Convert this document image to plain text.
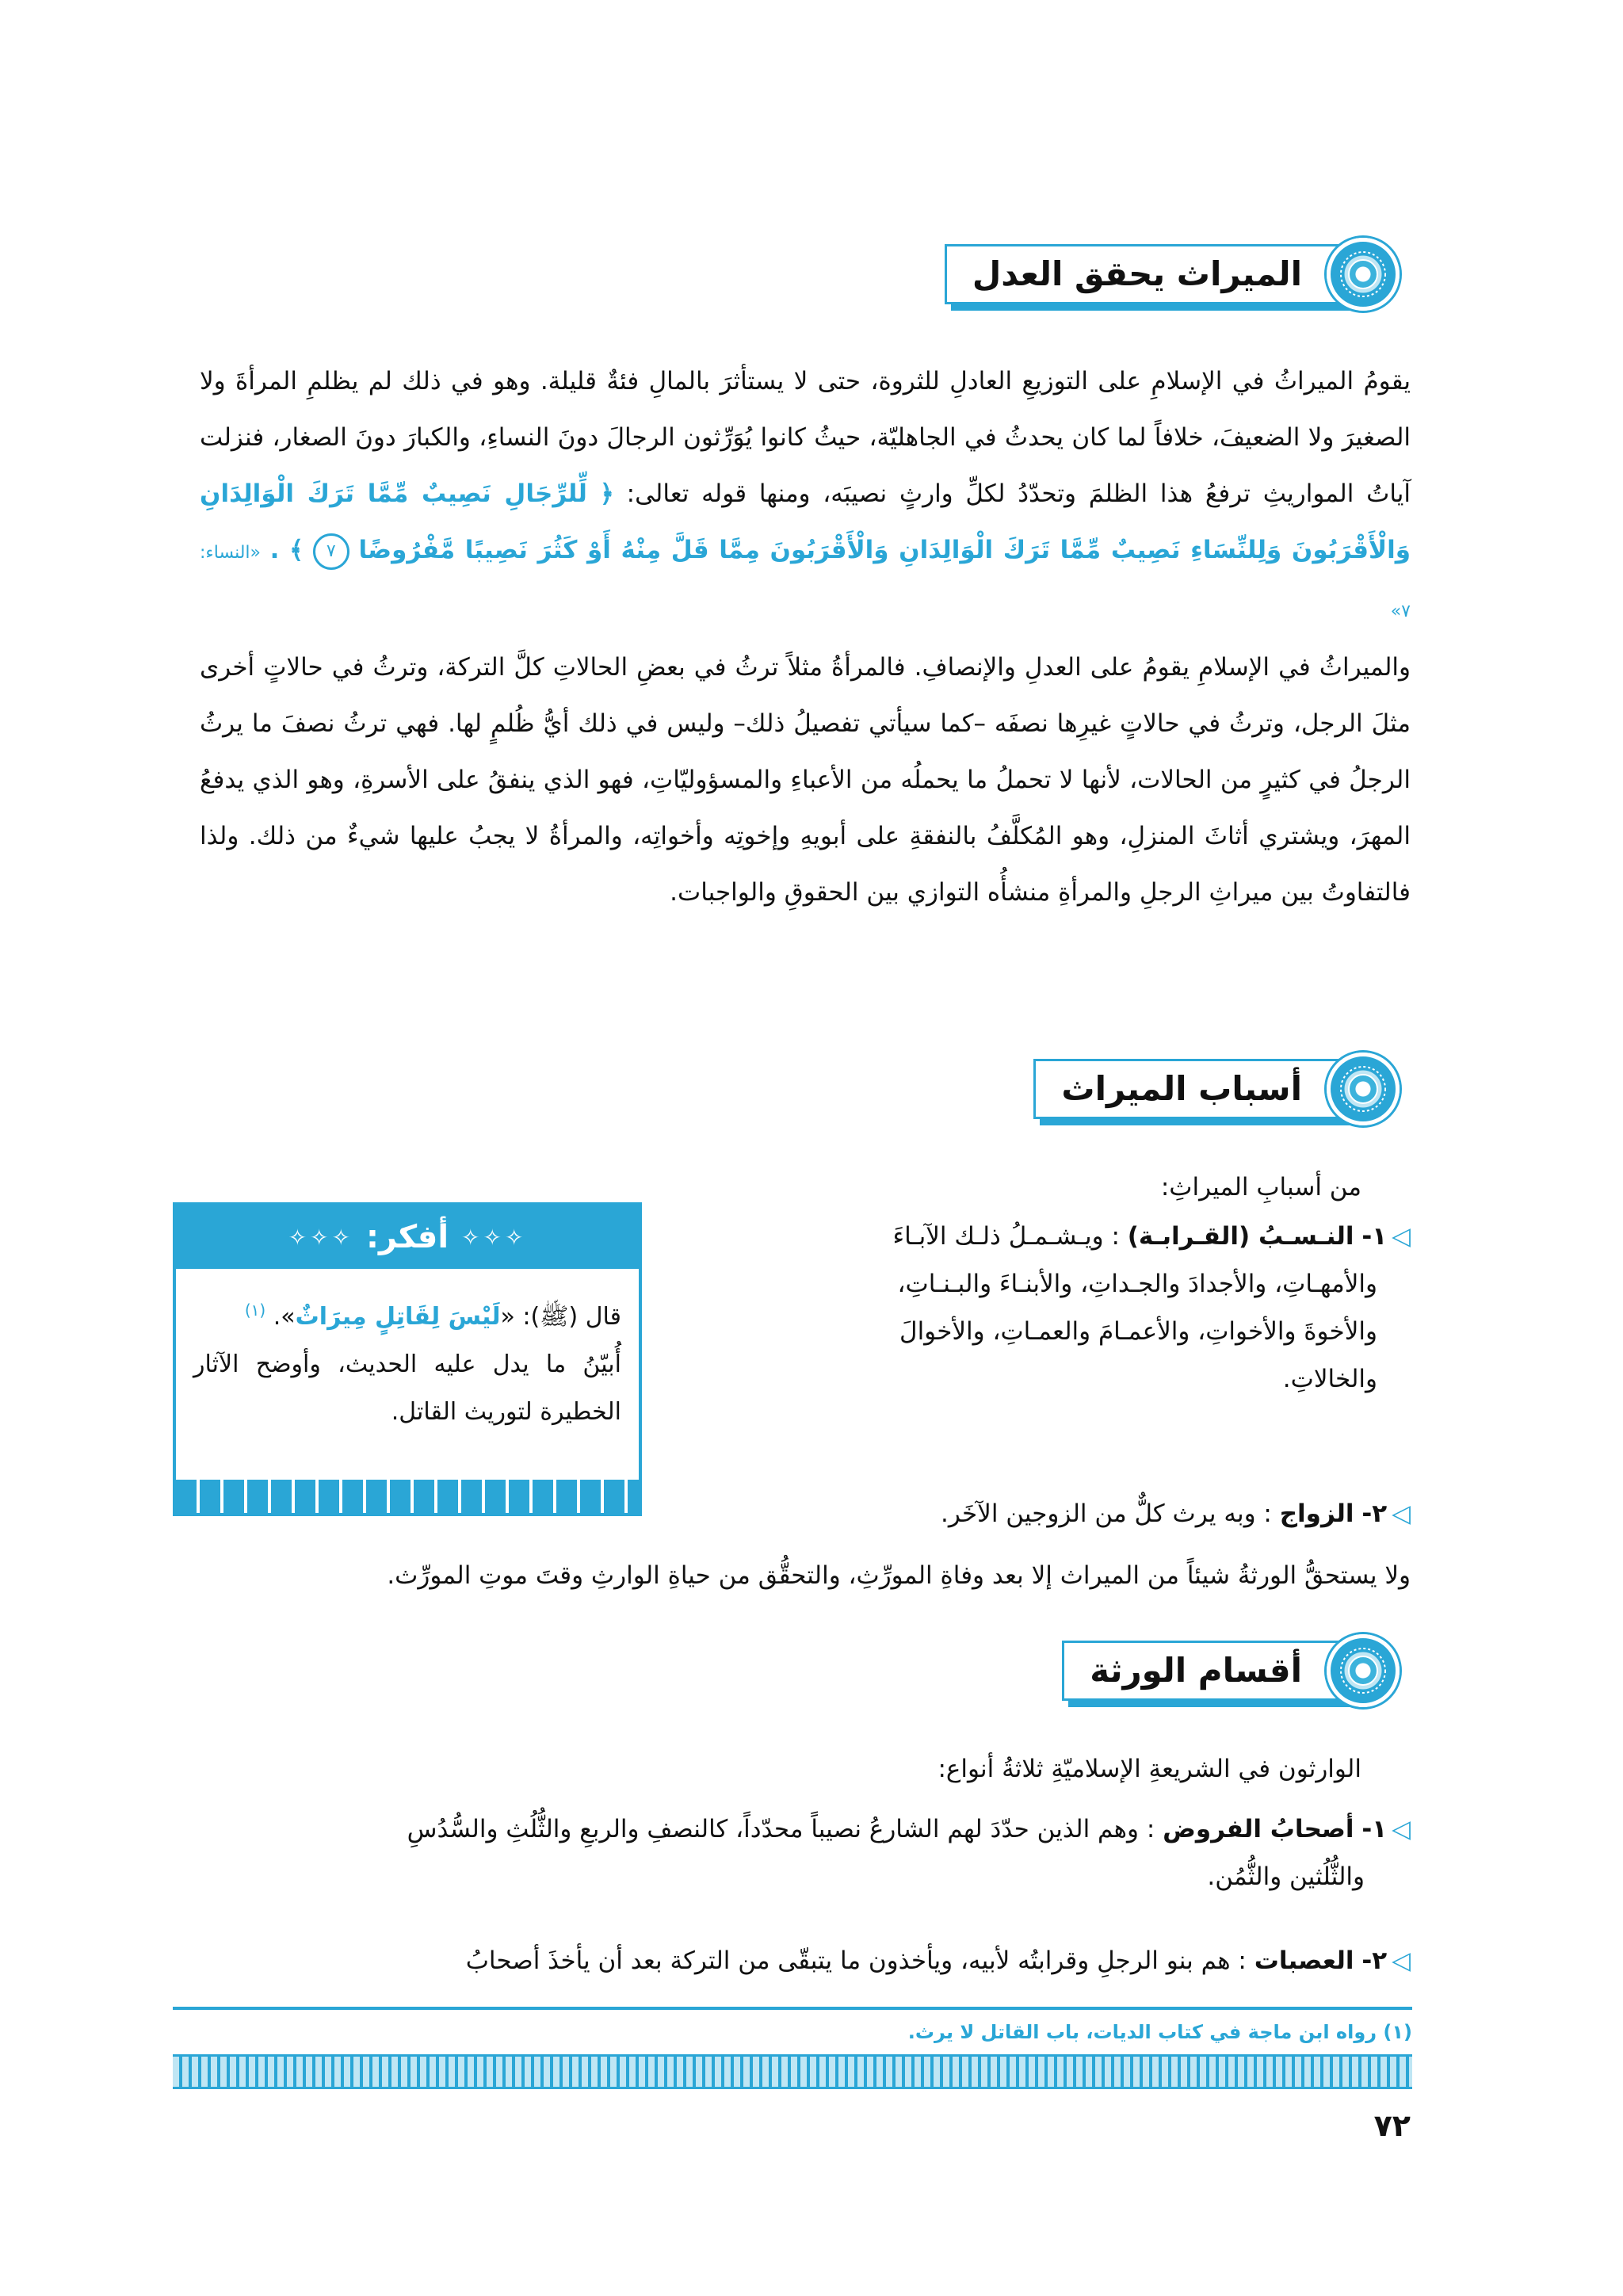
الميراث يحقق العدل

يقومُ الميراثُ في الإسلامِ على التوزيعِ العادلِ للثروة، حتى لا يستأثرَ بالمالِ فئةٌ قليلة. وهو في ذلك لم يظلمِ المرأةَ ولا الصغيرَ ولا الضعيفَ، خلافاً لما كان يحدثُ في الجاهليّة، حيثُ كانوا يُوَرِّثون الرجالَ دونَ النساءِ، والكبارَ دونَ الصغار، فنزلت آياتُ المواريثِ ترفعُ هذا الظلمَ وتحدّدُ لكلِّ وارثٍ نصيبَه، ومنها قوله تعالى: ﴿ لِّلرِّجَالِ نَصِيبٌ مِّمَّا تَرَكَ الْوَالِدَانِ وَالْأَقْرَبُونَ وَلِلنِّسَاءِ نَصِيبٌ مِّمَّا تَرَكَ الْوَالِدَانِ وَالْأَقْرَبُونَ مِمَّا قَلَّ مِنْهُ أَوْ كَثُرَ نَصِيبًا مَّفْرُوضًا ٧ ﴾ . «النساء: ٧»

والميراثُ في الإسلامِ يقومُ على العدلِ والإنصافِ. فالمرأةُ مثلاً ترثُ في بعضِ الحالاتِ كلَّ التركة، وترثُ في حالاتٍ أخرى مثلَ الرجل، وترثُ في حالاتٍ غيرِها نصفَه –كما سيأتي تفصيلُ ذلك– وليس في ذلك أيُّ ظُلمٍ لها. فهي ترثُ نصفَ ما يرثُ الرجلُ في كثيرٍ من الحالات، لأنها لا تحملُ ما يحملُه من الأعباءِ والمسؤوليّاتِ، فهو الذي ينفقُ على الأسرةِ، وهو الذي يدفعُ المهرَ، ويشتري أثاثَ المنزلِ، وهو المُكلَّفُ بالنفقةِ على أبويهِ وإخوتِه وأخواتِه، والمرأةُ لا يجبُ عليها شيءٌ من ذلك. ولذا فالتفاوتُ بين ميراثِ الرجلِ والمرأةِ منشأُه التوازي بين الحقوقِ والواجبات.

أسباب الميراث
من أسبابِ الميراثِ:
◁١- النـسـبُ (القـرابـة) : ويـشـمـلُ ذلـك الآبـاءَ
والأمهـاتِ، والأجدادَ والجـداتِ، والأبنـاءَ والبـنـاتِ،
والأخوةَ والأخواتِ، والأعمـامَ والعمـاتِ، والأخوالَ
والخالاتِ.
◁٢- الزواج : وبه يرث كلٌّ من الزوجين الآخَر.
ولا يستحقُّ الورثةُ شيئاً من الميراث إلا بعد وفاةِ المورِّثِ، والتحقُّق من حياةِ الوارثِ وقتَ موتِ المورِّث.
✧✧✧
أفكر:
✧✧✧
قال (ﷺ): «لَيْسَ لِقَاتِلٍ مِيرَاثٌ». $^{(١)}$
أُبيّنُ ما يدل عليه الحديث، وأوضح الآثار الخطيرة لتوريث القاتل.
أقسام الورثة
الوارثون في الشريعةِ الإسلاميّةِ ثلاثةُ أنواع:
◁١- أصحابُ الفروض : وهم الذين حدّدَ لهم الشارعُ نصيباً محدّداً، كالنصفِ والربعِ والثُّلُثِ والسُّدُسِ
والثُّلُثين والثُّمُن.
◁٢- العصبات : هم بنو الرجلِ وقرابتُه لأبيه، ويأخذون ما يتبقّى من التركة بعد أن يأخذَ أصحابُ
(١) رواه ابن ماجة في كتاب الديات، باب القاتل لا يرث.
٧٢
